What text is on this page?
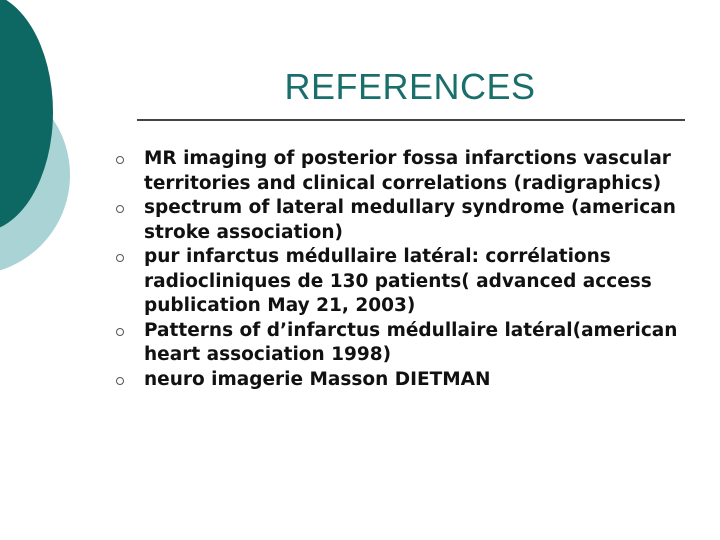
REFERENCES
MR imaging of posterior fossa infarctions vascular territories and clinical correlations (radigraphics)
spectrum of lateral medullary syndrome (american stroke association)
pur infarctus médullaire latéral: corrélations radiocliniques de 130 patients( advanced access publication May 21, 2003)
Patterns of d’infarctus médullaire latéral(american heart association 1998)
neuro imagerie Masson DIETMAN
